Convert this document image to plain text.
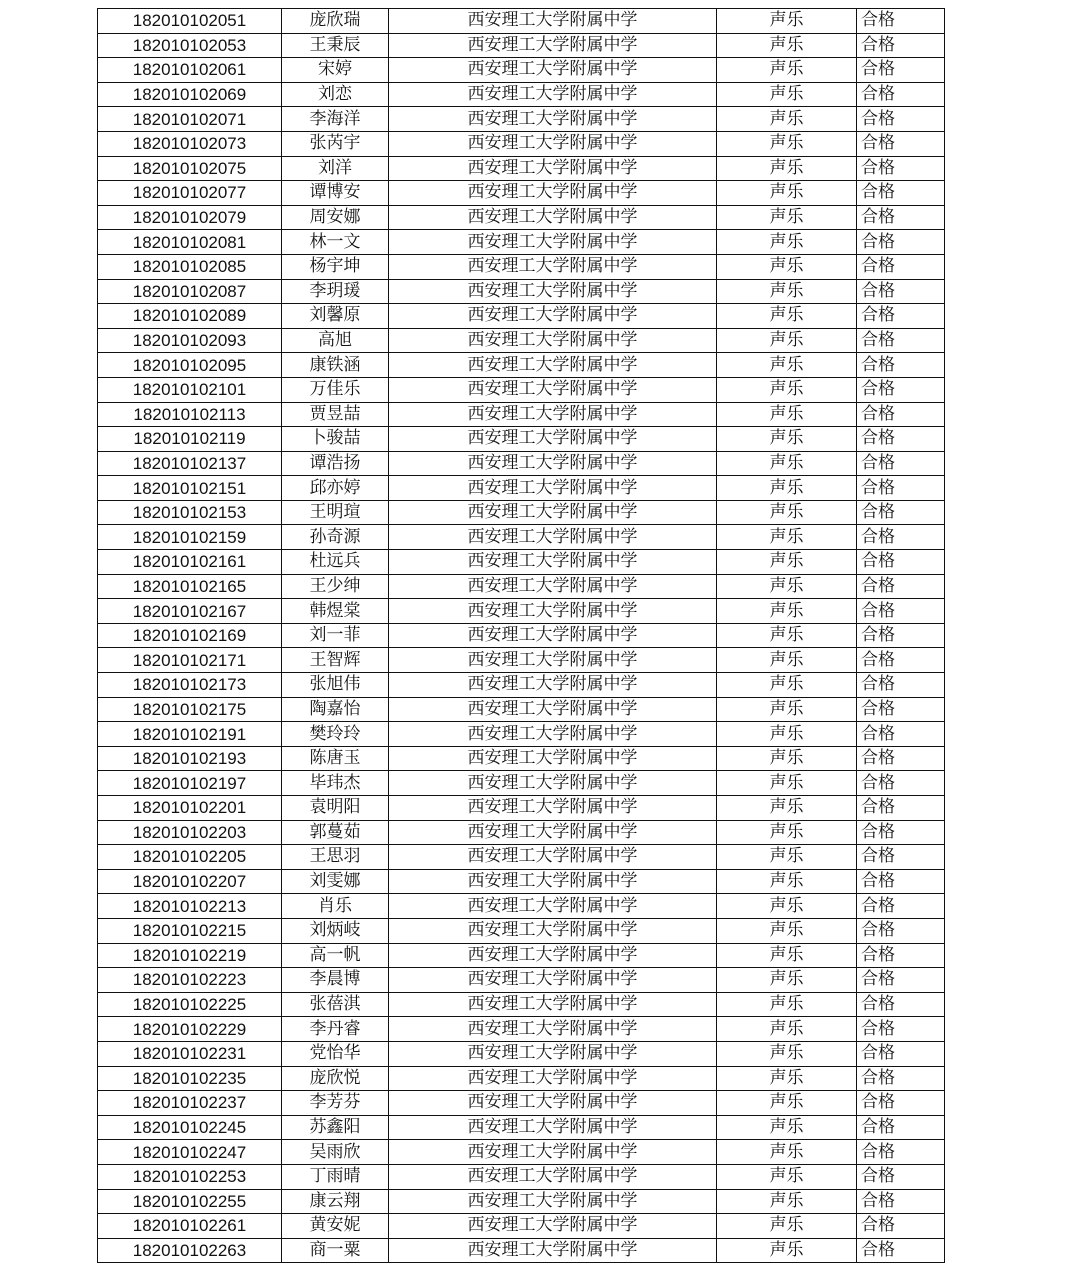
182010102051	庞欣瑞	西安理工大学附属中学	声乐	合格
182010102053	王秉辰	西安理工大学附属中学	声乐	合格
182010102061	宋婷	西安理工大学附属中学	声乐	合格
182010102069	刘恋	西安理工大学附属中学	声乐	合格
182010102071	李海洋	西安理工大学附属中学	声乐	合格
182010102073	张芮宇	西安理工大学附属中学	声乐	合格
182010102075	刘洋	西安理工大学附属中学	声乐	合格
182010102077	谭博安	西安理工大学附属中学	声乐	合格
182010102079	周安娜	西安理工大学附属中学	声乐	合格
182010102081	林一文	西安理工大学附属中学	声乐	合格
182010102085	杨宇坤	西安理工大学附属中学	声乐	合格
182010102087	李玥瑗	西安理工大学附属中学	声乐	合格
182010102089	刘馨原	西安理工大学附属中学	声乐	合格
182010102093	高旭	西安理工大学附属中学	声乐	合格
182010102095	康铁涵	西安理工大学附属中学	声乐	合格
182010102101	万佳乐	西安理工大学附属中学	声乐	合格
182010102113	贾昱喆	西安理工大学附属中学	声乐	合格
182010102119	卜骏喆	西安理工大学附属中学	声乐	合格
182010102137	谭浩扬	西安理工大学附属中学	声乐	合格
182010102151	邱亦婷	西安理工大学附属中学	声乐	合格
182010102153	王明瑄	西安理工大学附属中学	声乐	合格
182010102159	孙奇源	西安理工大学附属中学	声乐	合格
182010102161	杜远兵	西安理工大学附属中学	声乐	合格
182010102165	王少绅	西安理工大学附属中学	声乐	合格
182010102167	韩煜棠	西安理工大学附属中学	声乐	合格
182010102169	刘一菲	西安理工大学附属中学	声乐	合格
182010102171	王智辉	西安理工大学附属中学	声乐	合格
182010102173	张旭伟	西安理工大学附属中学	声乐	合格
182010102175	陶嘉怡	西安理工大学附属中学	声乐	合格
182010102191	樊玲玲	西安理工大学附属中学	声乐	合格
182010102193	陈唐玉	西安理工大学附属中学	声乐	合格
182010102197	毕玮杰	西安理工大学附属中学	声乐	合格
182010102201	袁明阳	西安理工大学附属中学	声乐	合格
182010102203	郭蔓茹	西安理工大学附属中学	声乐	合格
182010102205	王思羽	西安理工大学附属中学	声乐	合格
182010102207	刘雯娜	西安理工大学附属中学	声乐	合格
182010102213	肖乐	西安理工大学附属中学	声乐	合格
182010102215	刘炳岐	西安理工大学附属中学	声乐	合格
182010102219	高一帆	西安理工大学附属中学	声乐	合格
182010102223	李晨博	西安理工大学附属中学	声乐	合格
182010102225	张蓓淇	西安理工大学附属中学	声乐	合格
182010102229	李丹睿	西安理工大学附属中学	声乐	合格
182010102231	党怡华	西安理工大学附属中学	声乐	合格
182010102235	庞欣悦	西安理工大学附属中学	声乐	合格
182010102237	李芳芬	西安理工大学附属中学	声乐	合格
182010102245	苏鑫阳	西安理工大学附属中学	声乐	合格
182010102247	吴雨欣	西安理工大学附属中学	声乐	合格
182010102253	丁雨晴	西安理工大学附属中学	声乐	合格
182010102255	康云翔	西安理工大学附属中学	声乐	合格
182010102261	黄安妮	西安理工大学附属中学	声乐	合格
182010102263	商一粟	西安理工大学附属中学	声乐	合格
